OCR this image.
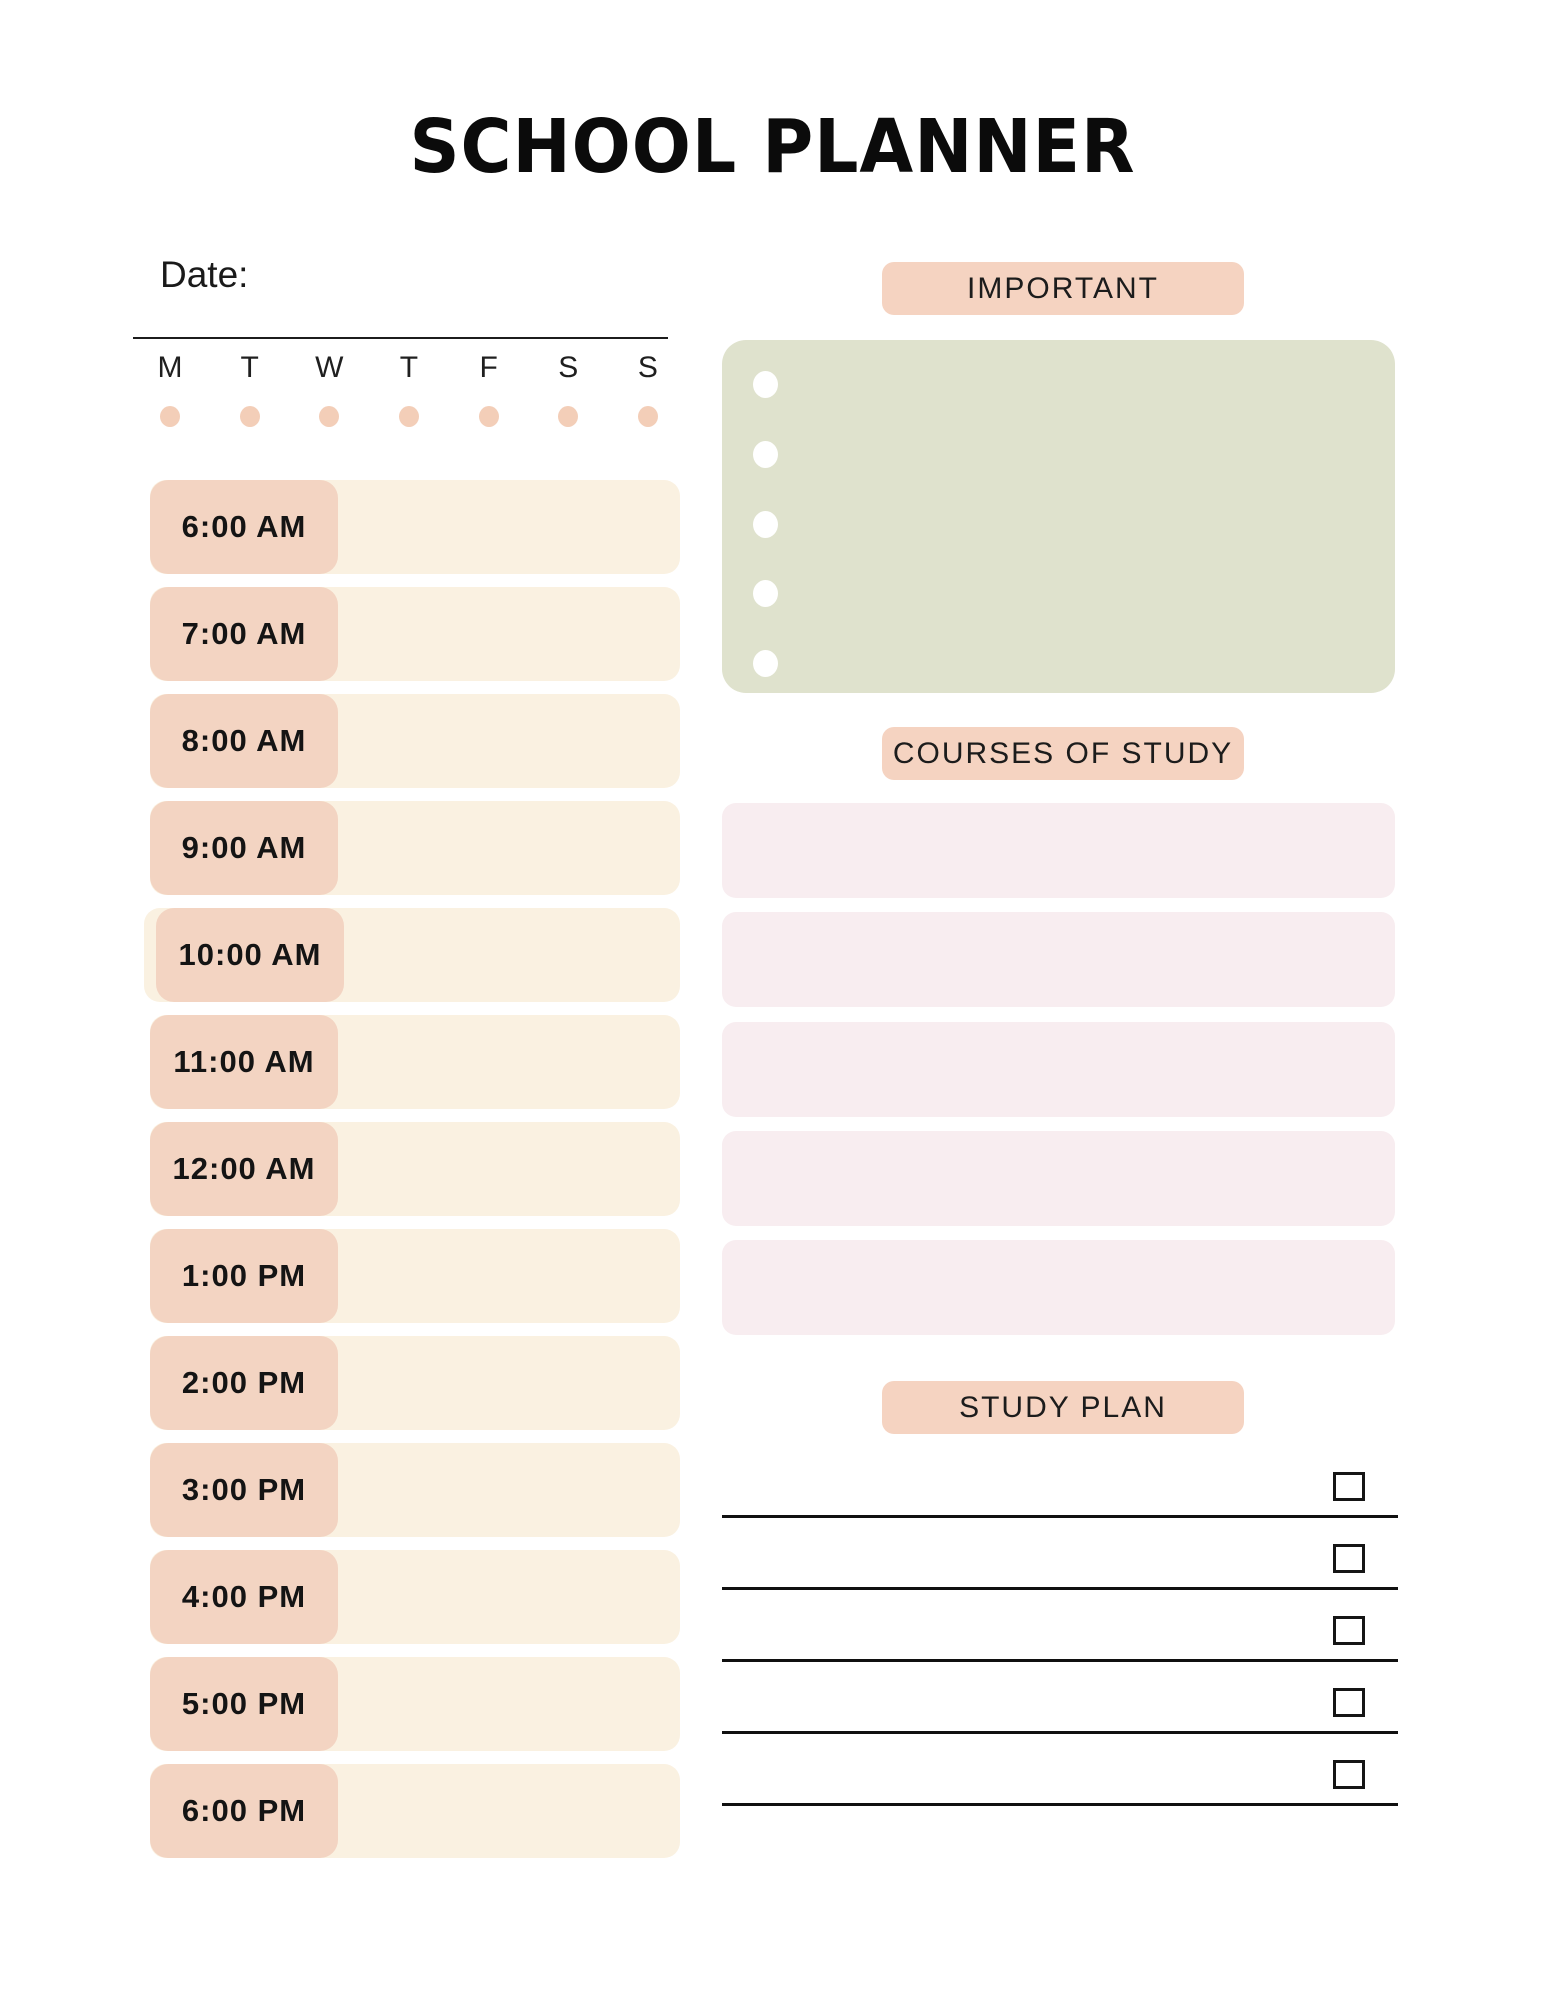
SCHOOL PLANNER
Date:
M T W T F S S
6:00 AM
7:00 AM
8:00 AM
9:00 AM
10:00 AM
11:00 AM
12:00 AM
1:00 PM
2:00 PM
3:00 PM
4:00 PM
5:00 PM
6:00 PM
IMPORTANT
COURSES OF STUDY
STUDY PLAN
